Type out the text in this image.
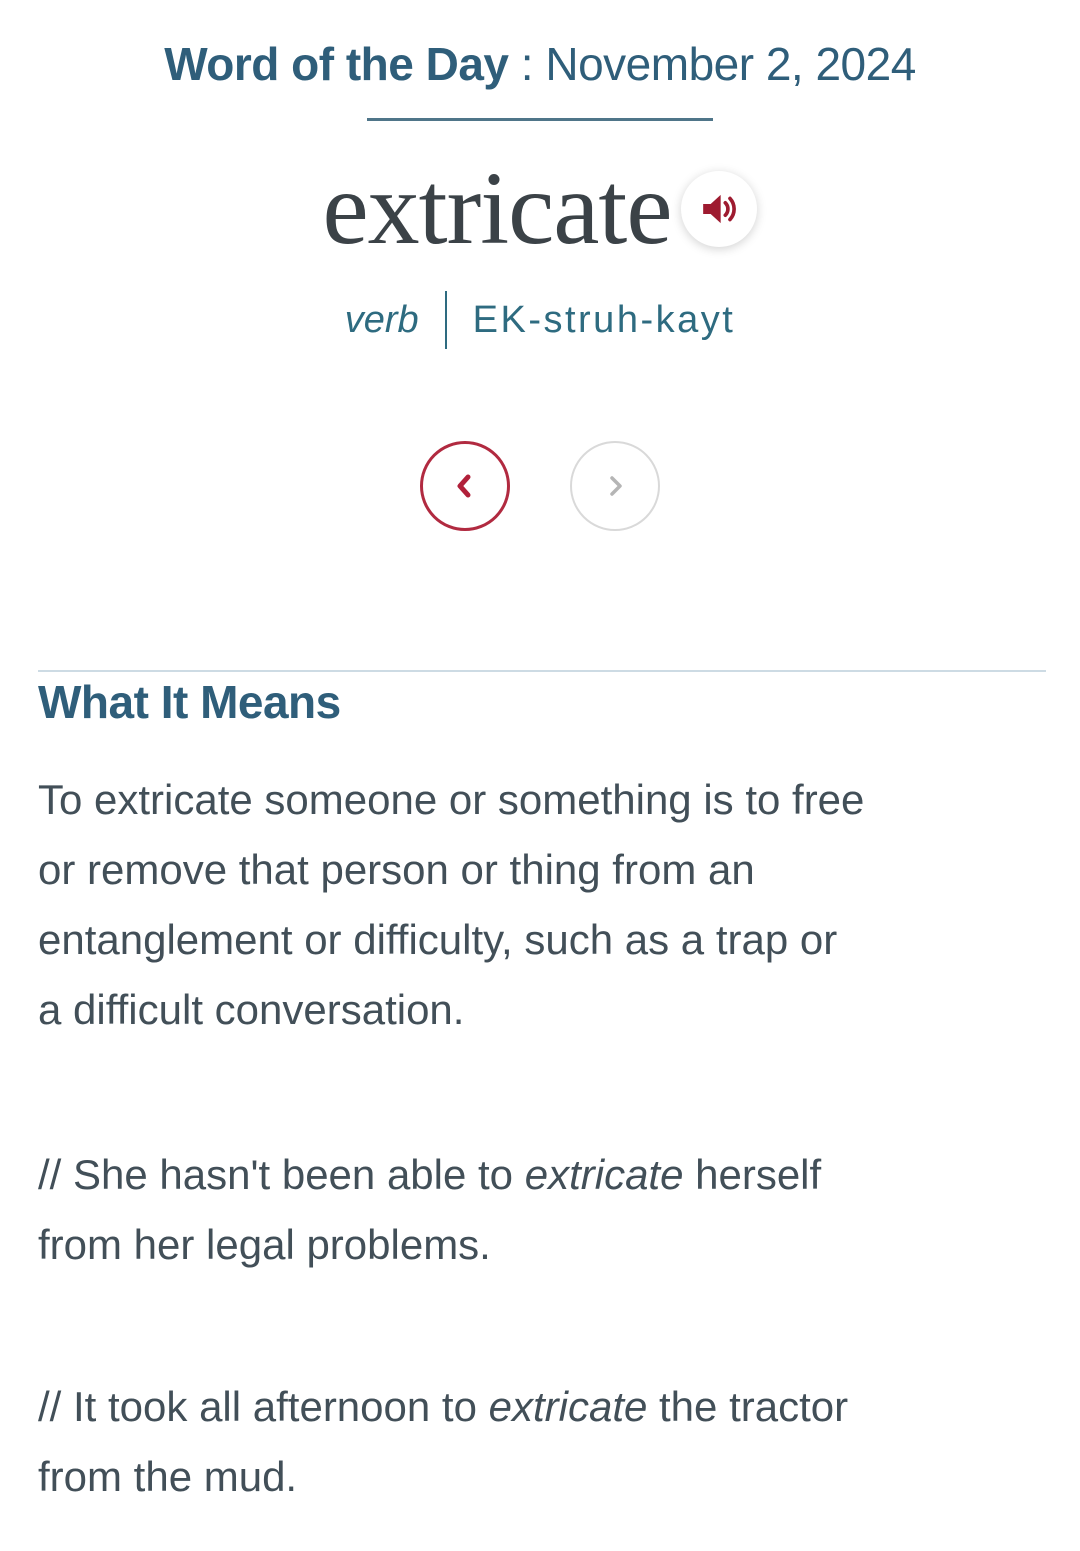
Word of the Day : November 2, 2024
extricate
verb EK-struh-kayt
What It Means
To extricate someone or something is to free
or remove that person or thing from an
entanglement or difficulty, such as a trap or
a difficult conversation.

// She hasn't been able to extricate herself
from her legal problems.

// It took all afternoon to extricate the tractor
from the mud.
